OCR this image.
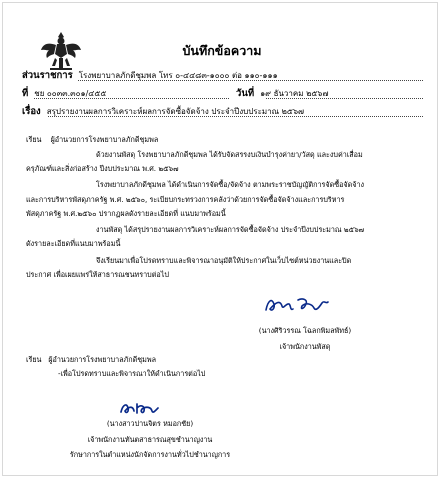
บันทึกข้อความ
ส่วนราชการ โรงพยาบาลภักดีชุมพล โทร ๐-๔๔๘๓-๑๐๐๐ ต่อ ๑๑๐-๑๑๑
ที่ ชย ๐๐๓๓.๓๐๑/๔๕๕	วันที่ ๑๙ ธันวาคม ๒๕๖๗
เรื่อง สรุปรายงานผลการวิเคราะห์ผลการจัดซื้อจัดจ้าง ประจำปีงบประมาณ ๒๕๖๗
เรียน ผู้อำนวยการโรงพยาบาลภักดีชุมพล
ด้วยงานพัสดุ โรงพยาบาลภักดีชุมพล ได้รับจัดสรรงบเงินบำรุงค่ายา/วัสดุ และงบค่าเสื่อม
ครุภัณฑ์และสิ่งก่อสร้าง ปีงบประมาณ พ.ศ. ๒๕๖๗
โรงพยาบาลภักดีชุมพล ได้ดำเนินการจัดซื้อ/จัดจ้าง ตามพระราชบัญญัติการจัดซื้อจัดจ้าง
และการบริหารพัสดุภาครัฐ พ.ศ. ๒๕๖๐, ระเบียบกระทรวงการคลังว่าด้วยการจัดซื้อจัดจ้างและการบริหาร
พัสดุภาครัฐ พ.ศ.๒๕๖๐ ปรากฏผลดังรายละเอียดที่ แนบมาพร้อมนี้
งานพัสดุ ได้สรุปรายงานผลการวิเคราะห์ผลการจัดซื้อจัดจ้าง ประจำปีงบประมาณ ๒๕๖๗
ดังรายละเอียดที่แนบมาพร้อมนี้
จึงเรียนมาเพื่อโปรดทราบและพิจารณาอนุมัติให้ประกาศในเว็บไซต์หน่วยงานและปิด
ประกาศ เพื่อเผยแพร่ให้สาธารณชนทราบต่อไป
(นางศิริวรรณ โฉลกพิมลพัทธ์)
เจ้าพนักงานพัสดุ
เรียน ผู้อำนวยการโรงพยาบาลภักดีชุมพล
-เพื่อโปรดทราบและพิจารณาให้ดำเนินการต่อไป
(นางสาวปานจิตร หมอกชัย)
เจ้าพนักงานทันตสาธารณสุขชำนาญงาน
รักษาการในตำแหน่งนักจัดการงานทั่วไปชำนาญการ
